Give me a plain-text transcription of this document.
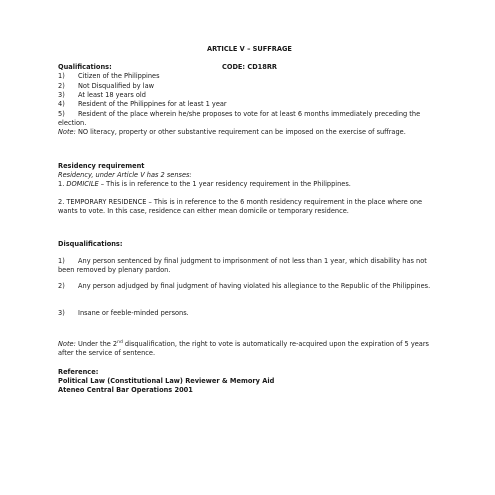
ARTICLE V – SUFFRAGE
Qualifications:	CODE: CD18RR
1) Citizen of the Philippines
2) Not Disqualified by law
3) At least 18 years old
4) Resident of the Philippines for at least 1 year
5)	Resident of the place wherein he/she proposes to vote for at least 6 months immediately preceding the election.
Note: NO literacy, property or other substantive requirement can be imposed on the exercise of suffrage.
Residency requirement
Residency, under Article V has 2 senses:
1. DOMICILE – This is in reference to the 1 year residency requirement in the Philippines.
2. TEMPORARY RESIDENCE – This is in reference to the 6 month residency requirement in the place where one wants to vote. In this case, residence can either mean domicile or temporary residence.
Disqualifications:
1)	Any person sentenced by final judgment to imprisonment of not less than 1 year, which disability has not been removed by plenary pardon.
2)	Any person adjudged by final judgment of having violated his allegiance to the Republic of the Philippines.
3) Insane or feeble-minded persons.
Note: Under the 2nd disqualification, the right to vote is automatically re-acquired upon the expiration of 5 years after the service of sentence.
Reference:
Political Law (Constitutional Law) Reviewer & Memory Aid
Ateneo Central Bar Operations 2001
